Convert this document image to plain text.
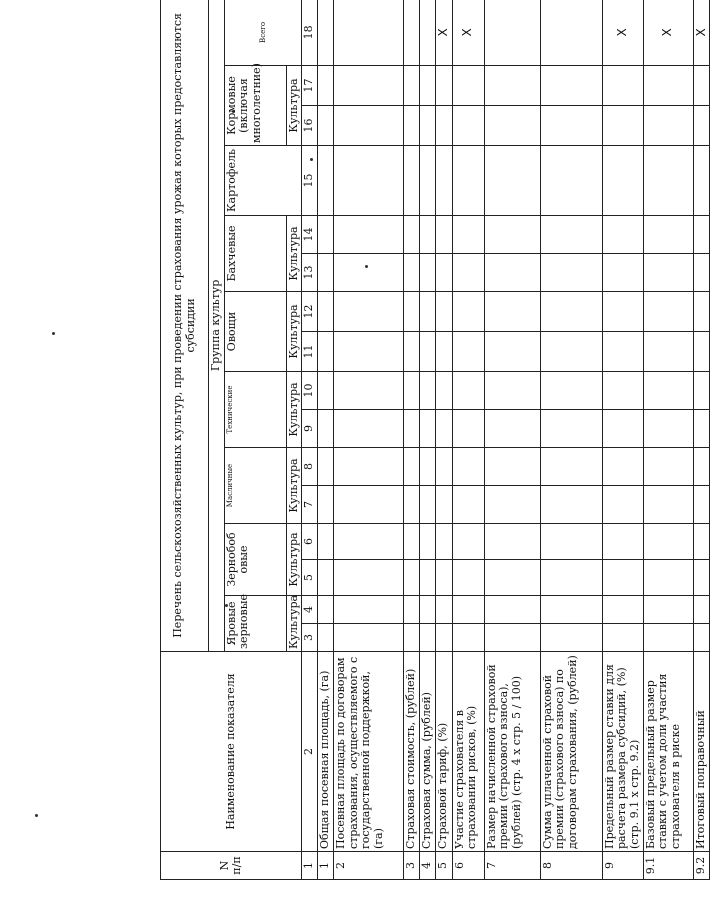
N
п/п	Наименование показателя	Перечень сельскохозяйственных культур, при проведении страхования урожая которых предоставляются субсидии															
		Группа культур															
		Яровые зерновые		Зернобоб овые		Масличные		Технические		Овощи		Бахчевые		Картофель	Кормовые (включая многолетние)		Всего
		Культура		Культура		Культура		Культура		Культура		Культура			Культура		
1	2	3	4	5	6	7	8	9	10	11	12	13	14	15	16	17	18
1	Общая посевная площадь, (га)																
2	Посевная площадь по договорам страхования, осуществляемого с государственной поддержкой, (га)																
3	Страховая стоимость, (рублей)																
4	Страховая сумма, (рублей)																
5	Страховой тариф, (%)																X
6	Участие страхователя в страховании рисков, (%)																X
7	Размер начисленной страховой премии (страхового взноса), (рублей) (стр. 4 x стр. 5 / 100)																
8	Сумма уплаченной страховой премии (страхового взноса) по договорам страхования, (рублей)																
9	Предельный размер ставки для расчета размера субсидий, (%) (стр. 9.1 x стр. 9.2)																X
9.1	Базовый предельный размер ставки с учетом доли участия страхователя в риске																X
9.2	Итоговый поправочный																X
